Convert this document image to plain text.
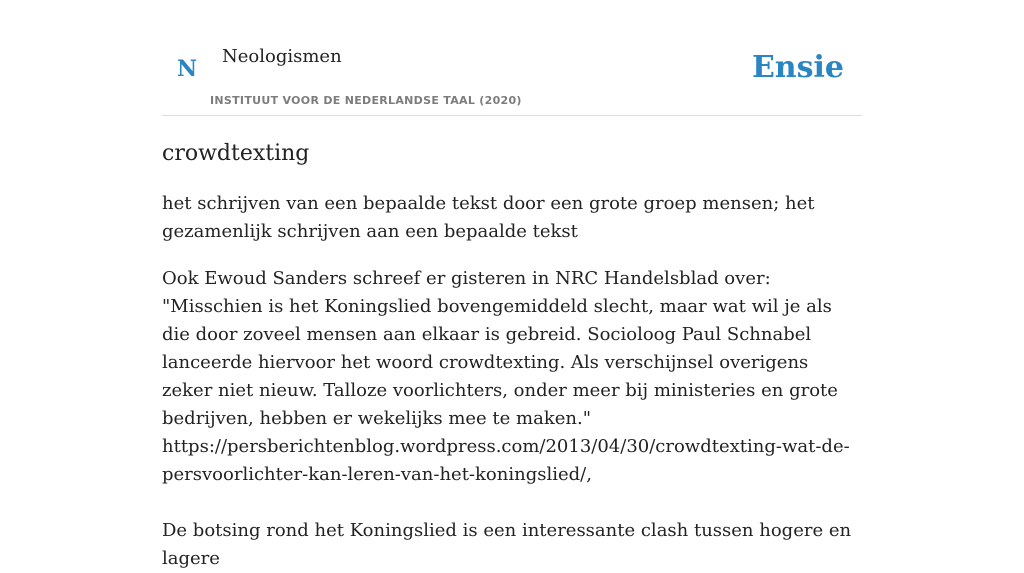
N Neologismen
INSTITUUT VOOR DE NEDERLANDSE TAAL (2020)
Ensie
crowdtexting

het schrijven van een bepaalde tekst door een grote groep mensen; het gezamenlijk schrijven aan een bepaalde tekst

Ook Ewoud Sanders schreef er gisteren in NRC Handelsblad over: "Misschien is het Koningslied bovengemiddeld slecht, maar wat wil je als die door zoveel mensen aan elkaar is gebreid. Socioloog Paul Schnabel lanceerde hiervoor het woord crowdtexting. Als verschijnsel overigens zeker niet nieuw. Talloze voorlichters, onder meer bij ministeries en grote bedrijven, hebben er wekelijks mee te maken." https://persberichtenblog.wordpress.com/2013/04/30/crowdtexting-wat-de-persvoorlichter-kan-leren-van-het-koningslied/,

De botsing rond het Koningslied is een interessante clash tussen hogere en lagere
